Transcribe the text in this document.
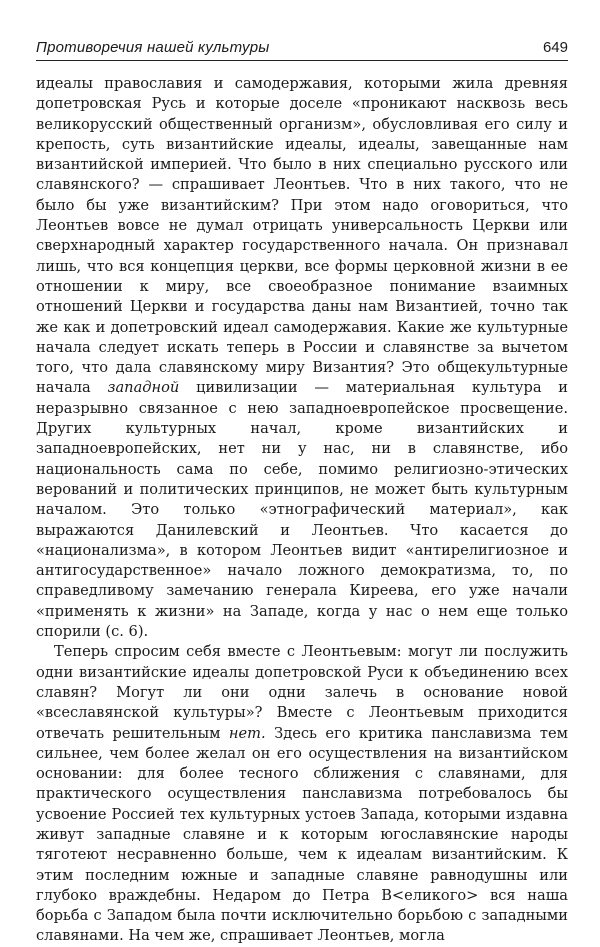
Противоречия нашей культуры	649

идеалы православия и самодержавия, которыми жила древняя допетровская Русь и которые доселе «проникают насквозь весь великорусский общественный организм», обусловливая его силу и крепость, суть византийские идеалы, идеалы, завещанные нам византийской империей. Что было в них специально русского или славянского? — спрашивает Леонтьев. Что в них такого, что не было бы уже византийским? При этом надо оговориться, что Леонтьев вовсе не думал отрицать универсальность Церкви или сверхнародный характер государственного начала. Он признавал лишь, что вся концепция церкви, все формы церковной жизни в ее отношении к миру, все своеобразное понимание взаимных отношений Церкви и государства даны нам Византией, точно так же как и допетровский идеал самодержавия. Какие же культурные начала следует искать теперь в России и славянстве за вычетом того, что дала славянскому миру Византия? Это общекультурные начала западной цивилизации — материальная культура и неразрывно связанное с нею западноевропейское просвещение. Других культурных начал, кроме византийских и западноевропейских, нет ни у нас, ни в славянстве, ибо национальность сама по себе, помимо религиозно-этических верований и политических принципов, не может быть культурным началом. Это только «этнографический материал», как выражаются Данилевский и Леонтьев. Что касается до «национализма», в котором Леонтьев видит «антирелигиозное и антигосударственное» начало ложного демократизма, то, по справедливому замечанию генерала Киреева, его уже начали «применять к жизни» на Западе, когда у нас о нем еще только спорили (с. 6).

Теперь спросим себя вместе с Леонтьевым: могут ли послужить одни византийские идеалы допетровской Руси к объединению всех славян? Могут ли они одни залечь в основание новой «всеславянской культуры»? Вместе с Леонтьевым приходится отвечать решительным нет. Здесь его критика панславизма тем сильнее, чем более желал он его осуществления на византийском основании: для более тесного сближения с славянами, для практического осуществления панславизма потребовалось бы усвоение Россией тех культурных устоев Запада, которыми издавна живут западные славяне и к которым югославянские народы тяготеют несравненно больше, чем к идеалам византийским. К этим последним южные и западные славяне равнодушны или глубоко враждебны. Недаром до Петра В<еликого> вся наша борьба с Западом была почти исключительно борьбою с западными славянами. На чем же, спрашивает Леонтьев, могла
